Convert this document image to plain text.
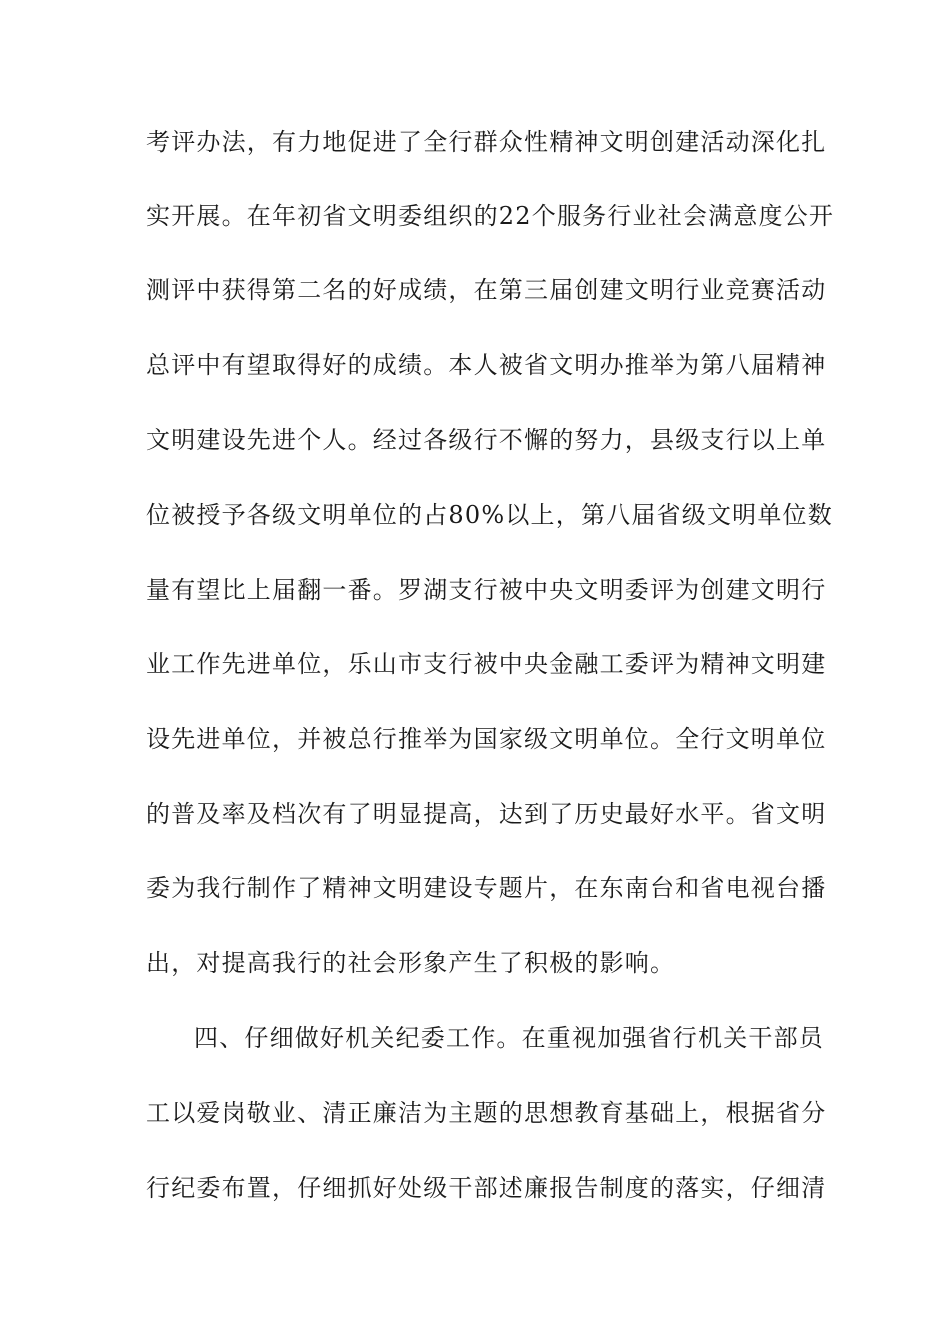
考评办法，有力地促进了全行群众性精神文明创建活动深化扎
实开展。在年初省文明委组织的22个服务行业社会满意度公开
测评中获得第二名的好成绩，在第三届创建文明行业竞赛活动
总评中有望取得好的成绩。本人被省文明办推举为第八届精神
文明建设先进个人。经过各级行不懈的努力，县级支行以上单
位被授予各级文明单位的占80%以上，第八届省级文明单位数
量有望比上届翻一番。罗湖支行被中央文明委评为创建文明行
业工作先进单位，乐山市支行被中央金融工委评为精神文明建
设先进单位，并被总行推举为国家级文明单位。全行文明单位
的普及率及档次有了明显提高，达到了历史最好水平。省文明
委为我行制作了精神文明建设专题片，在东南台和省电视台播
出，对提高我行的社会形象产生了积极的影响。
四、仔细做好机关纪委工作。在重视加强省行机关干部员
工以爱岗敬业、清正廉洁为主题的思想教育基础上，根据省分
行纪委布置，仔细抓好处级干部述廉报告制度的落实，仔细清
